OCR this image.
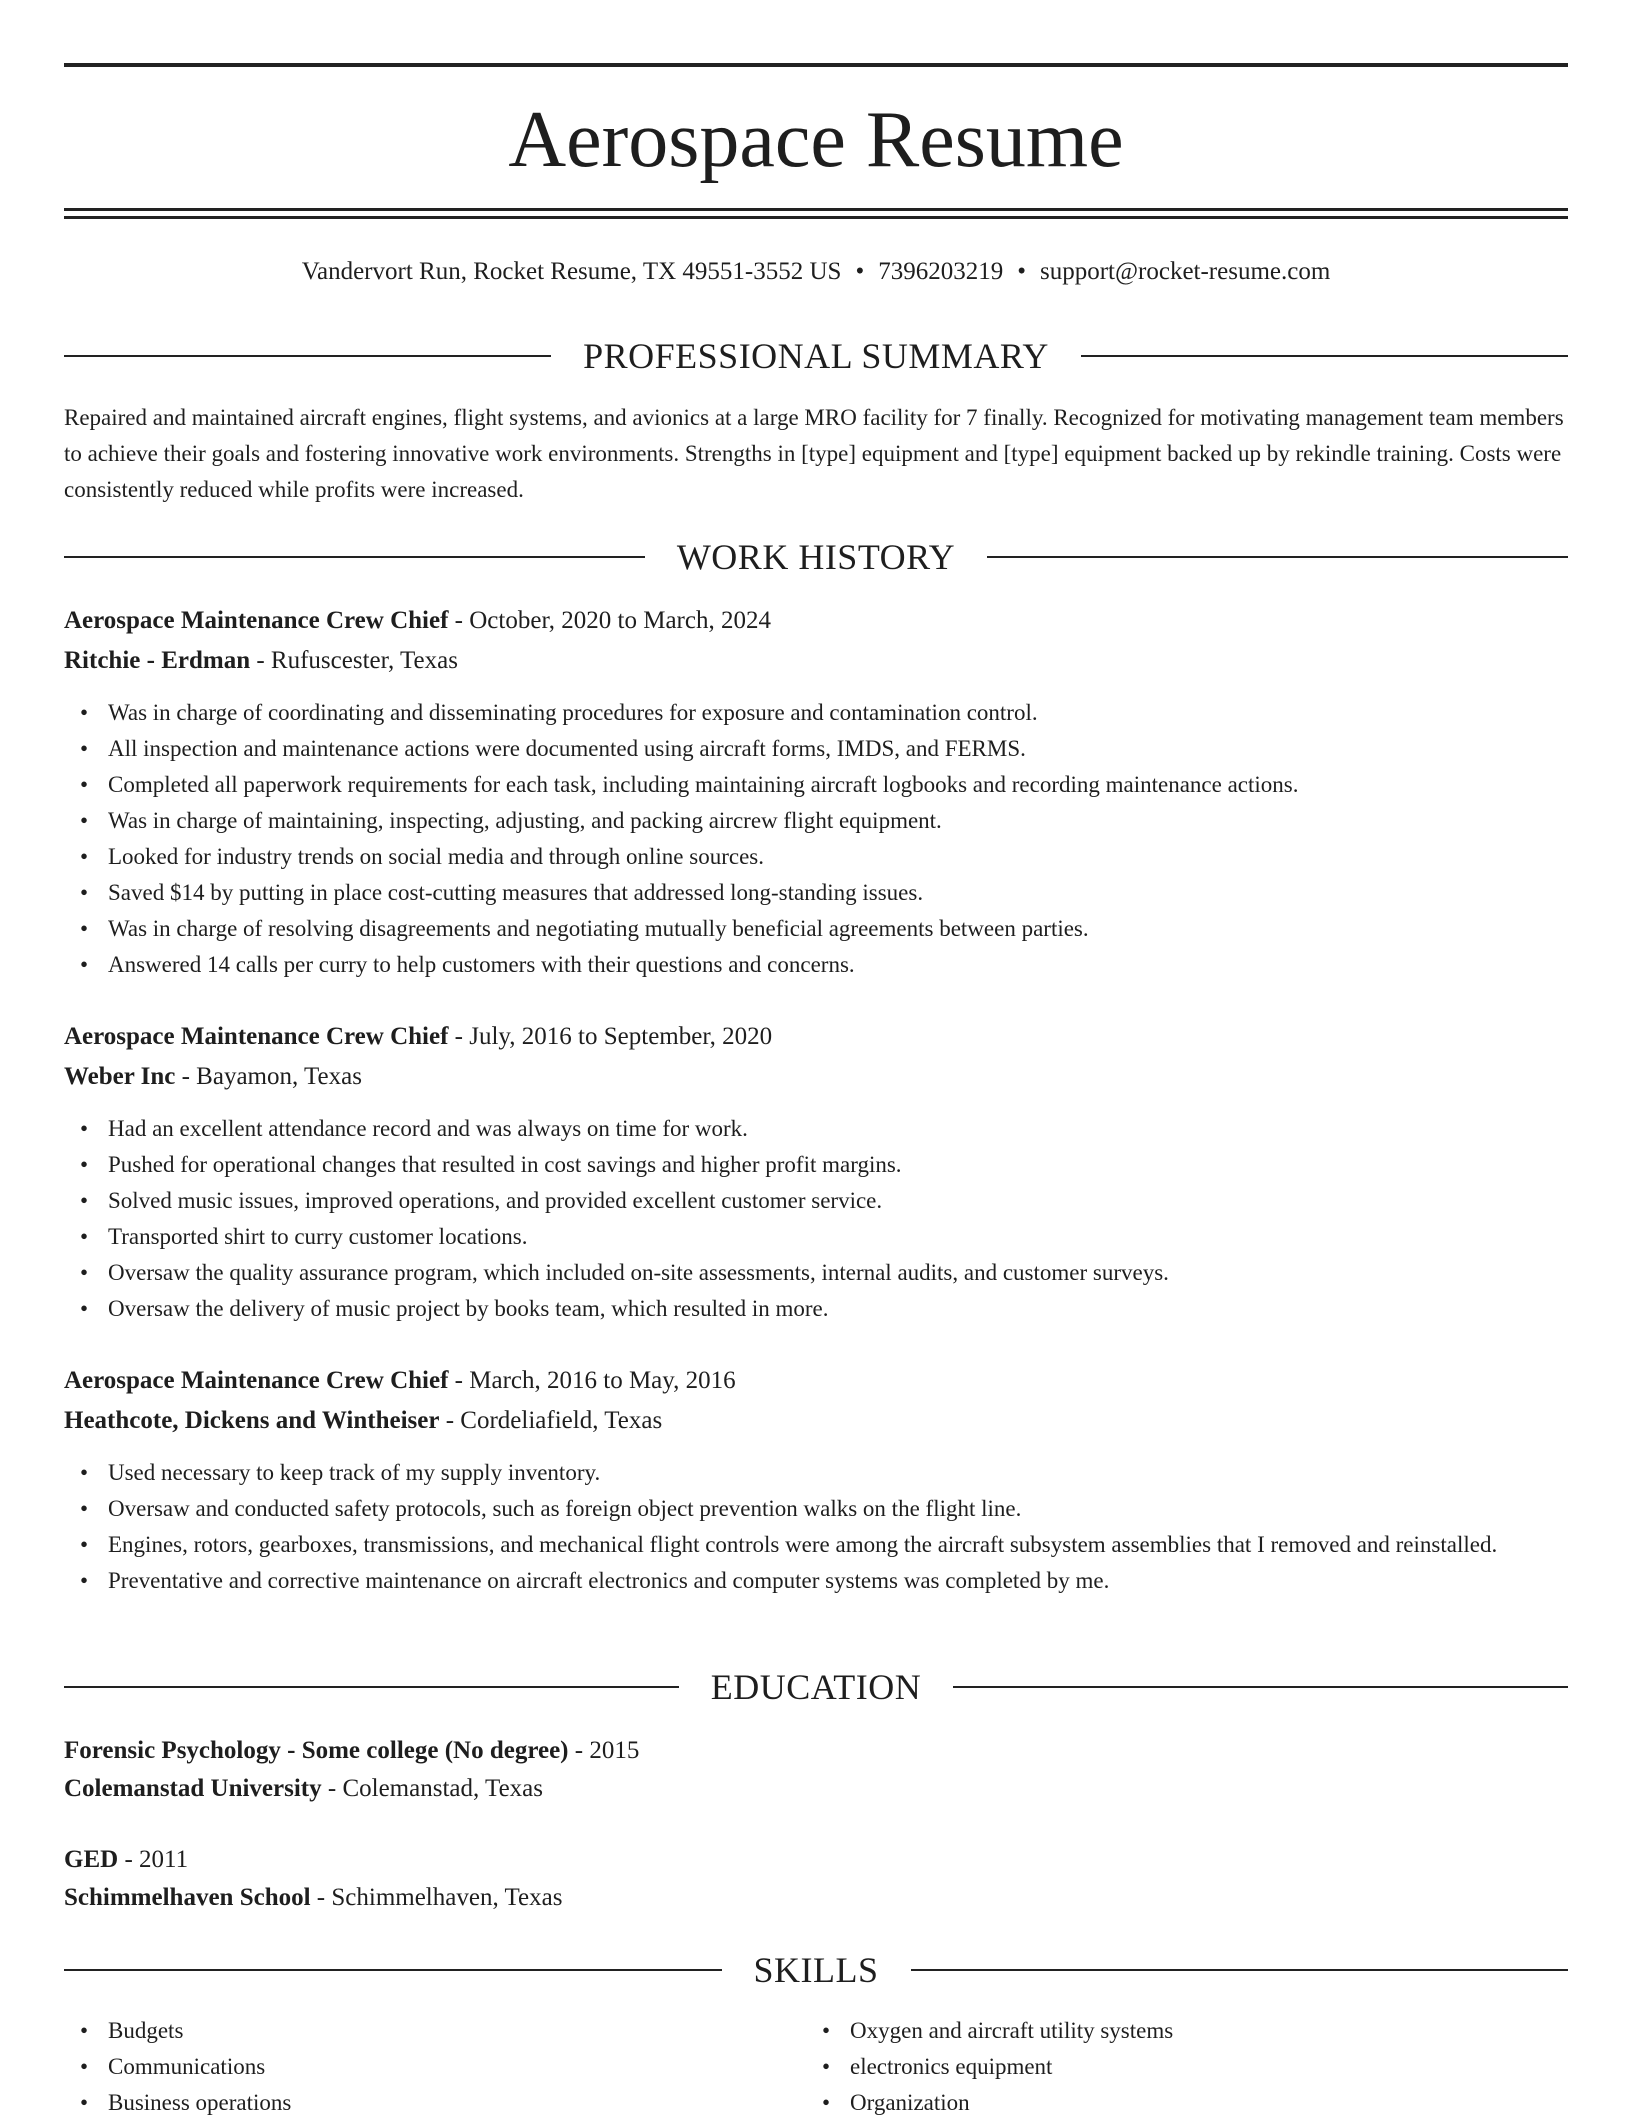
Aerospace Resume
Vandervort Run, Rocket Resume, TX 49551-3552 US • 7396203219 • support@rocket-resume.com
PROFESSIONAL SUMMARY

Repaired and maintained aircraft engines, flight systems, and avionics at a large MRO facility for 7 finally. Recognized for motivating management team members to achieve their goals and fostering innovative work environments. Strengths in [type] equipment and [type] equipment backed up by rekindle training. Costs were consistently reduced while profits were increased.

WORK HISTORY
Aerospace Maintenance Crew Chief - October, 2020 to March, 2024
Ritchie - Erdman - Rufuscester, Texas
• Was in charge of coordinating and disseminating procedures for exposure and contamination control.
• All inspection and maintenance actions were documented using aircraft forms, IMDS, and FERMS.
• Completed all paperwork requirements for each task, including maintaining aircraft logbooks and recording maintenance actions.
• Was in charge of maintaining, inspecting, adjusting, and packing aircrew flight equipment.
• Looked for industry trends on social media and through online sources.
• Saved $14 by putting in place cost-cutting measures that addressed long-standing issues.
• Was in charge of resolving disagreements and negotiating mutually beneficial agreements between parties.
• Answered 14 calls per curry to help customers with their questions and concerns.
Aerospace Maintenance Crew Chief - July, 2016 to September, 2020
Weber Inc - Bayamon, Texas
• Had an excellent attendance record and was always on time for work.
• Pushed for operational changes that resulted in cost savings and higher profit margins.
• Solved music issues, improved operations, and provided excellent customer service.
• Transported shirt to curry customer locations.
• Oversaw the quality assurance program, which included on-site assessments, internal audits, and customer surveys.
• Oversaw the delivery of music project by books team, which resulted in more.
Aerospace Maintenance Crew Chief - March, 2016 to May, 2016
Heathcote, Dickens and Wintheiser - Cordeliafield, Texas
• Used necessary to keep track of my supply inventory.
• Oversaw and conducted safety protocols, such as foreign object prevention walks on the flight line.
• Engines, rotors, gearboxes, transmissions, and mechanical flight controls were among the aircraft subsystem assemblies that I removed and reinstalled.
• Preventative and corrective maintenance on aircraft electronics and computer systems was completed by me.
EDUCATION
Forensic Psychology - Some college (No degree) - 2015
Colemanstad University - Colemanstad, Texas
GED - 2011
Schimmelhaven School - Schimmelhaven, Texas
SKILLS
• Budgets
• Communications
• Business operations
• Oxygen and aircraft utility systems
• electronics equipment
• Organization
